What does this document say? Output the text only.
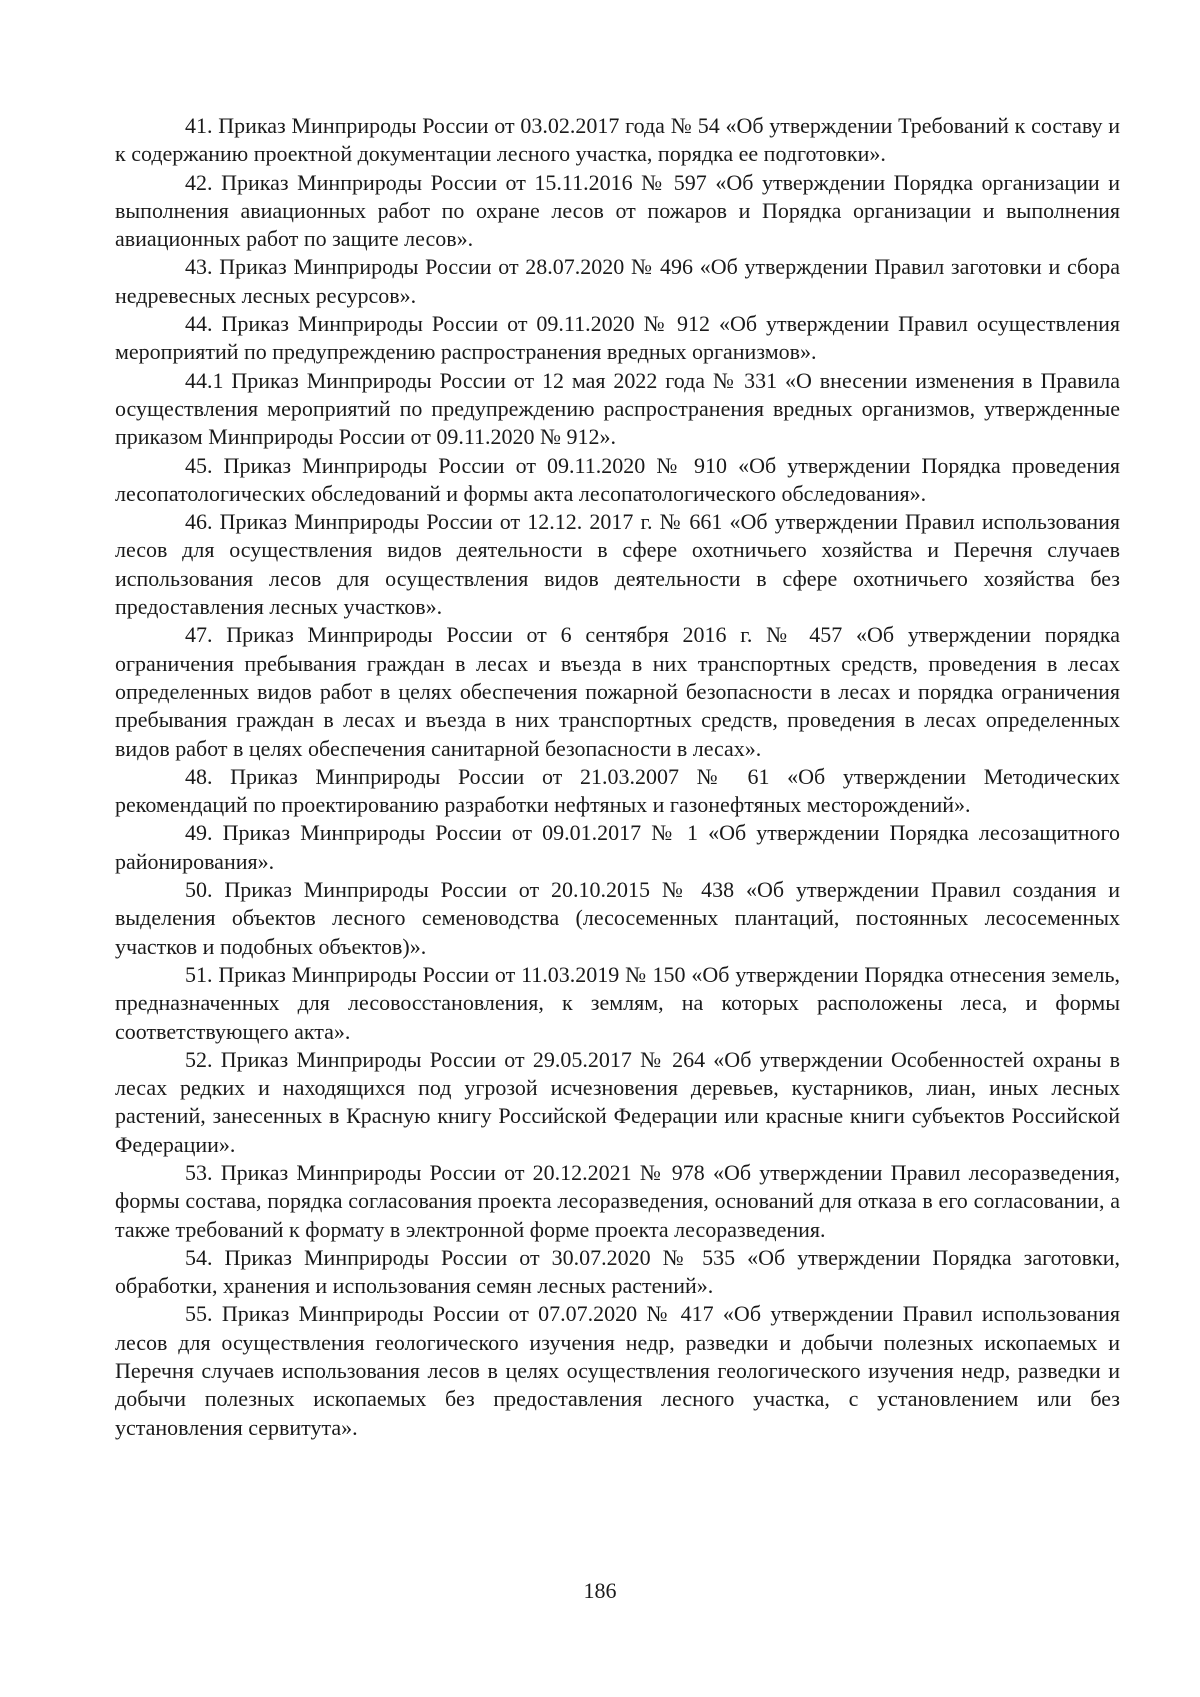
41. Приказ Минприроды России от 03.02.2017 года № 54 «Об утверждении Требований к составу и к содержанию проектной документации лесного участка, порядка ее подготовки».

42. Приказ Минприроды России от 15.11.2016 № 597 «Об утверждении Порядка организации и выполнения авиационных работ по охране лесов от пожаров и Порядка организации и выполнения авиационных работ по защите лесов».

43. Приказ Минприроды России от 28.07.2020 № 496 «Об утверждении Правил заготовки и сбора недревесных лесных ресурсов».

44. Приказ Минприроды России от 09.11.2020 № 912 «Об утверждении Правил осуществления мероприятий по предупреждению распространения вредных организмов».

44.1 Приказ Минприроды России от 12 мая 2022 года № 331 «О внесении изменения в Правила осуществления мероприятий по предупреждению распространения вредных организмов, утвержденные приказом Минприроды России от 09.11.2020 № 912».

45. Приказ Минприроды России от 09.11.2020 № 910 «Об утверждении Порядка проведения лесопатологических обследований и формы акта лесопатологического обследования».

46. Приказ Минприроды России от 12.12. 2017 г. № 661 «Об утверждении Правил использования лесов для осуществления видов деятельности в сфере охотничьего хозяйства и Перечня случаев использования лесов для осуществления видов деятельности в сфере охотничьего хозяйства без предоставления лесных участков».

47. Приказ Минприроды России от 6 сентября 2016 г. № 457 «Об утверждении порядка ограничения пребывания граждан в лесах и въезда в них транспортных средств, проведения в лесах определенных видов работ в целях обеспечения пожарной безопасности в лесах и порядка ограничения пребывания граждан в лесах и въезда в них транспортных средств, проведения в лесах определенных видов работ в целях обеспечения санитарной безопасности в лесах».

48. Приказ Минприроды России от 21.03.2007 № 61 «Об утверждении Методических рекомендаций по проектированию разработки нефтяных и газонефтяных месторождений».

49. Приказ Минприроды России от 09.01.2017 № 1 «Об утверждении Порядка лесозащитного районирования».

50. Приказ Минприроды России от 20.10.2015 № 438 «Об утверждении Правил создания и выделения объектов лесного семеноводства (лесосеменных плантаций, постоянных лесосеменных участков и подобных объектов)».

51. Приказ Минприроды России от 11.03.2019 № 150 «Об утверждении Порядка отнесения земель, предназначенных для лесовосстановления, к землям, на которых расположены леса, и формы соответствующего акта».

52. Приказ Минприроды России от 29.05.2017 № 264 «Об утверждении Особенностей охраны в лесах редких и находящихся под угрозой исчезновения деревьев, кустарников, лиан, иных лесных растений, занесенных в Красную книгу Российской Федерации или красные книги субъектов Российской Федерации».

53. Приказ Минприроды России от 20.12.2021 № 978 «Об утверждении Правил лесоразведения, формы состава, порядка согласования проекта лесоразведения, оснований для отказа в его согласовании, а также требований к формату в электронной форме проекта лесоразведения.

54. Приказ Минприроды России от 30.07.2020 № 535 «Об утверждении Порядка заготовки, обработки, хранения и использования семян лесных растений».

55. Приказ Минприроды России от 07.07.2020 № 417 «Об утверждении Правил использования лесов для осуществления геологического изучения недр, разведки и добычи полезных ископаемых и Перечня случаев использования лесов в целях осуществления геологического изучения недр, разведки и добычи полезных ископаемых без предоставления лесного участка, с установлением или без установления сервитута».

186
